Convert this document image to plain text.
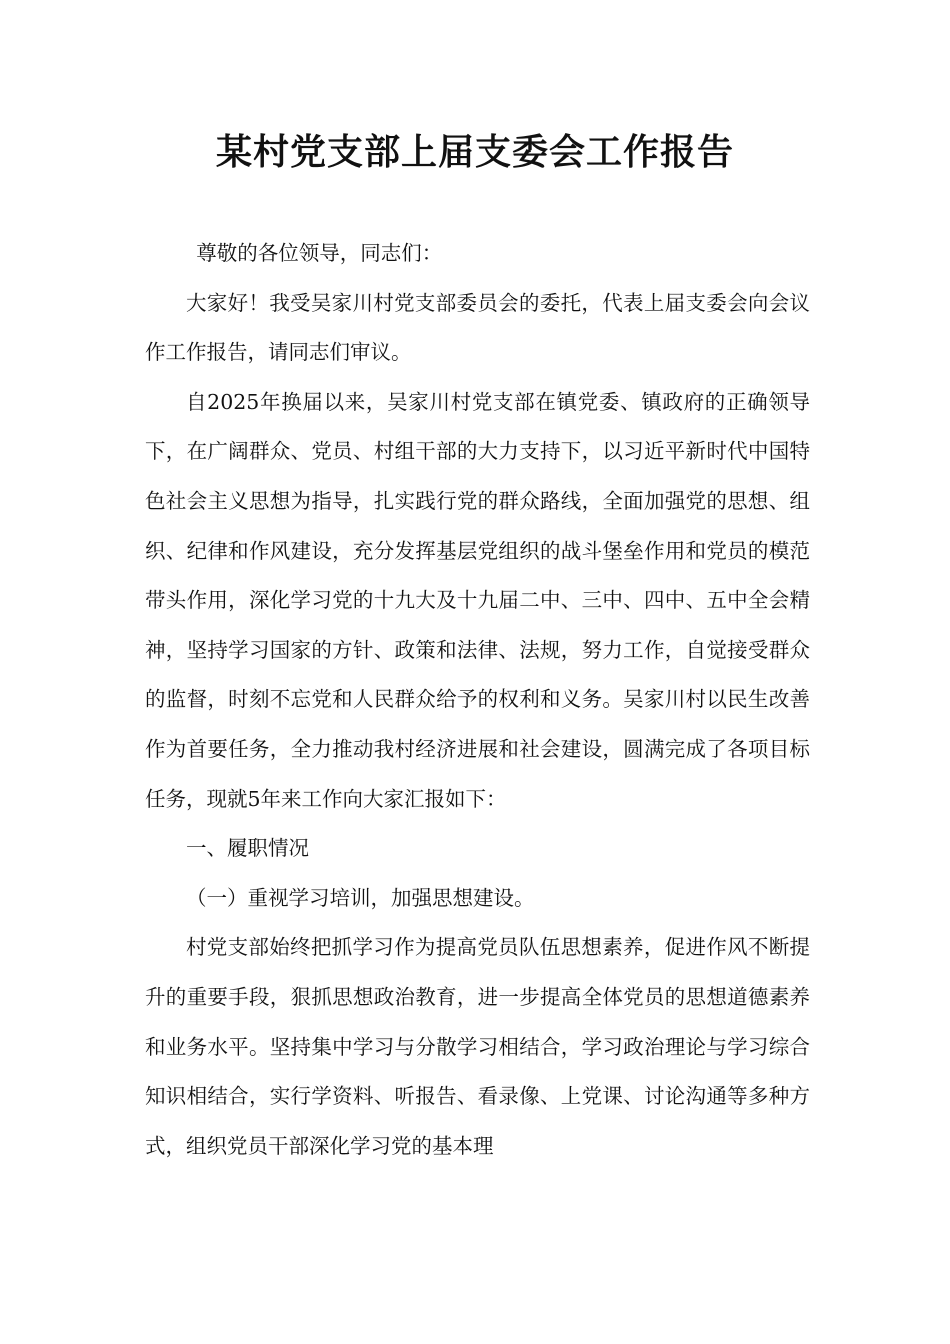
某村党支部上届支委会工作报告

尊敬的各位领导，同志们：

大家好！我受吴家川村党支部委员会的委托，代表上届支委会向会议作工作报告，请同志们审议。

自2025年换届以来，吴家川村党支部在镇党委、镇政府的正确领导下，在广阔群众、党员、村组干部的大力支持下，以习近平新时代中国特色社会主义思想为指导，扎实践行党的群众路线，全面加强党的思想、组织、纪律和作风建设，充分发挥基层党组织的战斗堡垒作用和党员的模范带头作用，深化学习党的十九大及十九届二中、三中、四中、五中全会精神，坚持学习国家的方针、政策和法律、法规，努力工作，自觉接受群众的监督，时刻不忘党和人民群众给予的权利和义务。吴家川村以民生改善作为首要任务，全力推动我村经济进展和社会建设，圆满完成了各项目标任务，现就5年来工作向大家汇报如下：

一、履职情况

（一）重视学习培训，加强思想建设。

村党支部始终把抓学习作为提高党员队伍思想素养，促进作风不断提升的重要手段，狠抓思想政治教育，进一步提高全体党员的思想道德素养和业务水平。坚持集中学习与分散学习相结合，学习政治理论与学习综合知识相结合，实行学资料、听报告、看录像、上党课、讨论沟通等多种方式，组织党员干部深化学习党的基本理
